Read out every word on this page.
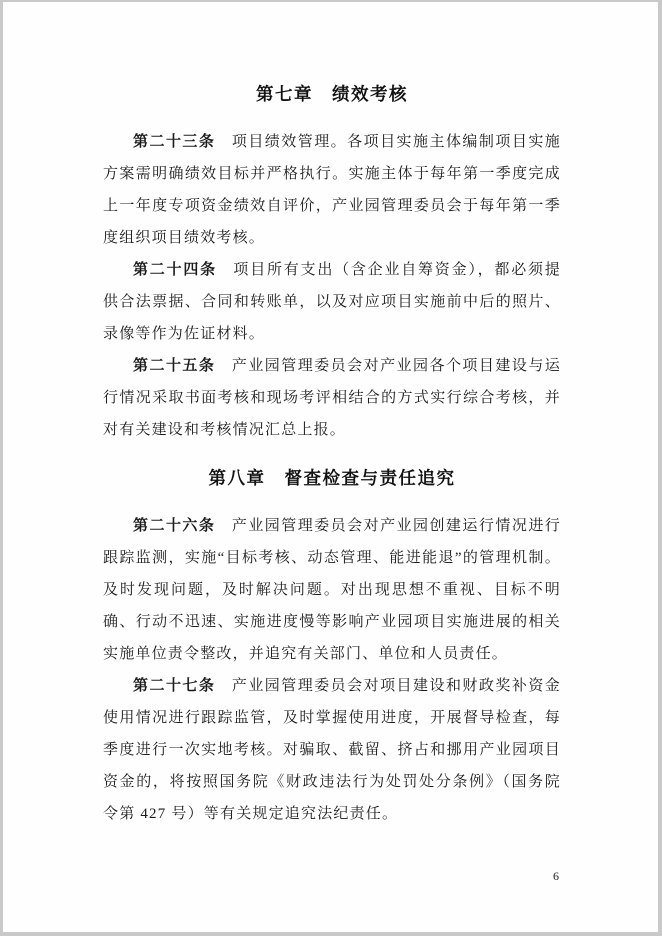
第七章　绩效考核

第二十三条 项目绩效管理。各项目实施主体编制项目实施方案需明确绩效目标并严格执行。实施主体于每年第一季度完成上一年度专项资金绩效自评价，产业园管理委员会于每年第一季度组织项目绩效考核。

第二十四条 项目所有支出（含企业自筹资金），都必须提供合法票据、合同和转账单，以及对应项目实施前中后的照片、录像等作为佐证材料。

第二十五条 产业园管理委员会对产业园各个项目建设与运行情况采取书面考核和现场考评相结合的方式实行综合考核，并对有关建设和考核情况汇总上报。

第八章　督查检查与责任追究

第二十六条 产业园管理委员会对产业园创建运行情况进行跟踪监测，实施“目标考核、动态管理、能进能退”的管理机制。及时发现问题，及时解决问题。对出现思想不重视、目标不明确、行动不迅速、实施进度慢等影响产业园项目实施进展的相关实施单位责令整改，并追究有关部门、单位和人员责任。

第二十七条 产业园管理委员会对项目建设和财政奖补资金使用情况进行跟踪监管，及时掌握使用进度，开展督导检查，每季度进行一次实地考核。对骗取、截留、挤占和挪用产业园项目资金的，将按照国务院《财政违法行为处罚处分条例》（国务院令第 427 号）等有关规定追究法纪责任。

6
